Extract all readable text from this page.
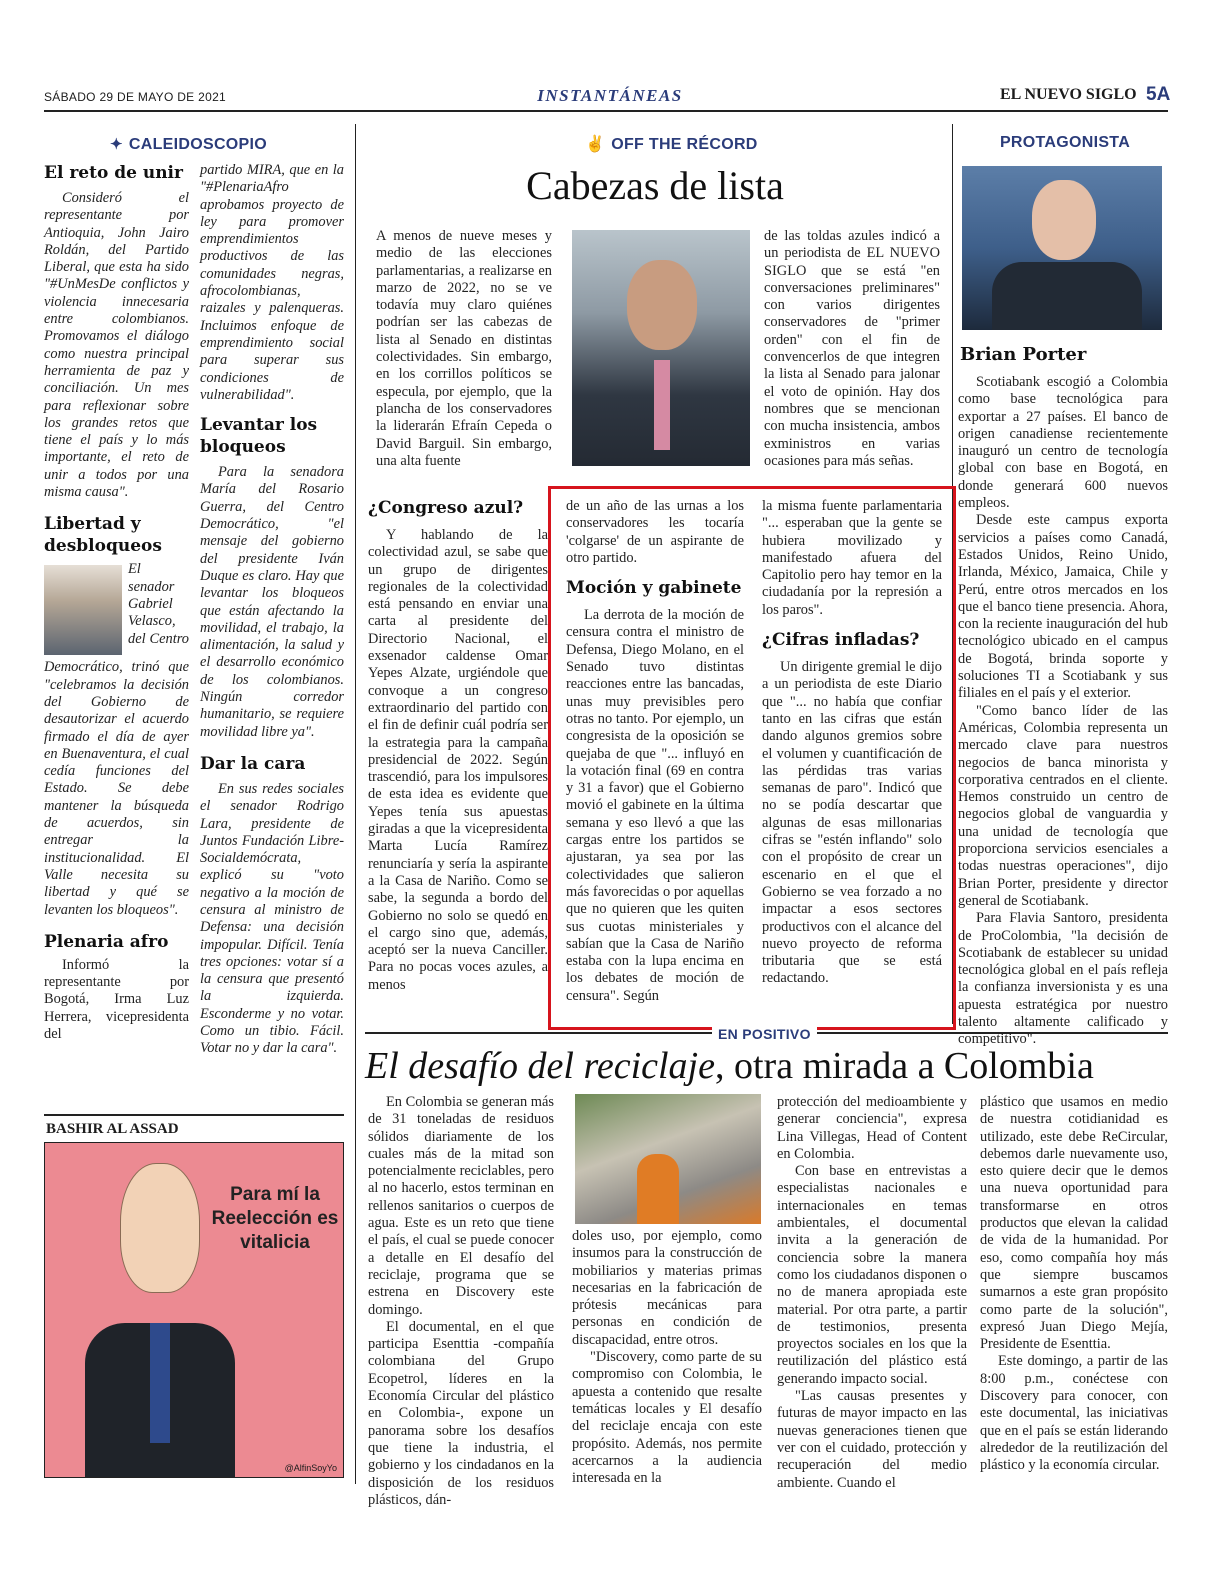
SÁBADO 29 DE MAYO DE 2021	INSTANTÁNEAS	EL NUEVO SIGLO 5A
✦ CALEIDOSCOPIO
El reto de unir
Consideró el representante por Antioquia, John Jairo Roldán, del Partido Liberal, que esta ha sido "#UnMesDe conflictos y violencia innecesaria entre colombianos. Promovamos el diálogo como nuestra principal herramienta de paz y conciliación. Un mes para reflexionar sobre los grandes retos que tiene el país y lo más importante, el reto de unir a todos por una misma causa".
Libertad y desbloqueos
El senador Gabriel Velasco, del Centro Democrático, trinó que "celebramos la decisión del Gobierno de desautorizar el acuerdo firmado el día de ayer en Buenaventura, el cual cedía funciones del Estado. Se debe mantener la búsqueda de acuerdos, sin entregar la institucionalidad. El Valle necesita su libertad y qué se levanten los bloqueos".
Plenaria afro
Informó la representante por Bogotá, Irma Luz Herrera, vicepresidenta del
partido MIRA, que en la "#PlenariaAfro aprobamos proyecto de ley para promover emprendimientos productivos de las comunidades negras, afrocolombianas, raizales y palenqueras. Incluimos enfoque de emprendimiento social para superar sus condiciones de vulnerabilidad".
Levantar los bloqueos
Para la senadora María del Rosario Guerra, del Centro Democrático, "el mensaje del gobierno del presidente Iván Duque es claro. Hay que levantar los bloqueos que están afectando la movilidad, el trabajo, la alimentación, la salud y el desarrollo económico de los colombianos. Ningún corredor humanitario, se requiere movilidad libre ya".
Dar la cara
En sus redes sociales el senador Rodrigo Lara, presidente de Juntos Fundación Libre-Socialdemócrata, explicó su "voto negativo a la moción de censura al ministro de Defensa: una decisión impopular. Difícil. Tenía tres opciones: votar sí a la censura que presentó la izquierda. Esconderme y no votar. Como un tibio. Fácil. Votar no y dar la cara".
BASHIR AL ASSAD
Para mí la Reelección es vitalicia
@AlfinSoyYo
✌ OFF THE RÉCORD
Cabezas de lista
A menos de nueve meses y medio de las elecciones parlamentarias, a realizarse en marzo de 2022, no se ve todavía muy claro quiénes podrían ser las cabezas de lista al Senado en distintas colectividades. Sin embargo, en los corrillos políticos se especula, por ejemplo, que la plancha de los conservadores la liderarán Efraín Cepeda o David Barguil. Sin embargo, una alta fuente
de las toldas azules indicó a un periodista de EL NUEVO SIGLO que se está "en conversaciones preliminares" con varios dirigentes conservadores de "primer orden" con el fin de convencerlos de que integren la lista al Senado para jalonar el voto de opinión. Hay dos nombres que se mencionan con mucha insistencia, ambos exministros en varias ocasiones para más señas.
¿Congreso azul?
Y hablando de la colectividad azul, se sabe que un grupo de dirigentes regionales de la colectividad está pensando en enviar una carta al presidente del Directorio Nacional, el exsenador caldense Omar Yepes Alzate, urgiéndole que convoque a un congreso extraordinario del partido con el fin de definir cuál podría ser la estrategia para la campaña presidencial de 2022. Según trascendió, para los impulsores de esta idea es evidente que Yepes tenía sus apuestas giradas a que la vicepresidenta Marta Lucía Ramírez renunciaría y sería la aspirante a la Casa de Nariño. Como se sabe, la segunda a bordo del Gobierno no solo se quedó en el cargo sino que, además, aceptó ser la nueva Canciller. Para no pocas voces azules, a menos
de un año de las urnas a los conservadores les tocaría 'colgarse' de un aspirante de otro partido.
Moción y gabinete
La derrota de la moción de censura contra el ministro de Defensa, Diego Molano, en el Senado tuvo distintas reacciones entre las bancadas, unas muy previsibles pero otras no tanto. Por ejemplo, un congresista de la oposición se quejaba de que "... influyó en la votación final (69 en contra y 31 a favor) que el Gobierno movió el gabinete en la última semana y eso llevó a que las cargas entre los partidos se ajustaran, ya sea por las colectividades que salieron más favorecidas o por aquellas que no quieren que les quiten sus cuotas ministeriales y sabían que la Casa de Nariño estaba con la lupa encima en los debates de moción de censura". Según
la misma fuente parlamentaria "... esperaban que la gente se hubiera movilizado y manifestado afuera del Capitolio pero hay temor en la ciudadanía por la represión a los paros".
¿Cifras infladas?
Un dirigente gremial le dijo a un periodista de este Diario que "... no había que confiar tanto en las cifras que están dando algunos gremios sobre el volumen y cuantificación de las pérdidas tras varias semanas de paro". Indicó que no se podía descartar que algunas de esas millonarias cifras se "estén inflando" solo con el propósito de crear un escenario en el que el Gobierno se vea forzado a no impactar a esos sectores productivos con el alcance del nuevo proyecto de reforma tributaria que se está redactando.
PROTAGONISTA
Brian Porter
Scotiabank escogió a Colombia como base tecnológica para exportar a 27 países. El banco de origen canadiense recientemente inauguró un centro de tecnología global con base en Bogotá, en donde generará 600 nuevos empleos.
Desde este campus exporta servicios a países como Canadá, Estados Unidos, Reino Unido, Irlanda, México, Jamaica, Chile y Perú, entre otros mercados en los que el banco tiene presencia. Ahora, con la reciente inauguración del hub tecnológico ubicado en el campus de Bogotá, brinda soporte y soluciones TI a Scotiabank y sus filiales en el país y el exterior.
"Como banco líder de las Américas, Colombia representa un mercado clave para nuestros negocios de banca minorista y corporativa centrados en el cliente. Hemos construido un centro de negocios global de vanguardia y una unidad de tecnología que proporciona servicios esenciales a todas nuestras operaciones", dijo Brian Porter, presidente y director general de Scotiabank.
Para Flavia Santoro, presidenta de ProColombia, "la decisión de Scotiabank de establecer su unidad tecnológica global en el país refleja la confianza inversionista y es una apuesta estratégica por nuestro talento altamente calificado y competitivo".
EN POSITIVO
El desafío del reciclaje, otra mirada a Colombia
En Colombia se generan más de 31 toneladas de residuos sólidos diariamente de los cuales más de la mitad son potencialmente reciclables, pero al no hacerlo, estos terminan en rellenos sanitarios o cuerpos de agua. Este es un reto que tiene el país, el cual se puede conocer a detalle en El desafío del reciclaje, programa que se estrena en Discovery este domingo.
El documental, en el que participa Esenttia -compañía colombiana del Grupo Ecopetrol, líderes en la Economía Circular del plástico en Colombia-, expone un panorama sobre los desafíos que tiene la industria, el gobierno y los cindadanos en la disposición de los residuos plásticos, dán-
doles uso, por ejemplo, como insumos para la construcción de mobiliarios y materias primas necesarias en la fabricación de prótesis mecánicas para personas en condición de discapacidad, entre otros.
"Discovery, como parte de su compromiso con Colombia, le apuesta a contenido que resalte temáticas locales y El desafío del reciclaje encaja con este propósito. Además, nos permite acercarnos a la audiencia interesada en la
protección del medioambiente y generar conciencia", expresa Lina Villegas, Head of Content en Colombia.
Con base en entrevistas a especialistas nacionales e internacionales en temas ambientales, el documental invita a la generación de conciencia sobre la manera como los ciudadanos disponen o no de manera apropiada este material. Por otra parte, a partir de testimonios, presenta proyectos sociales en los que la reutilización del plástico está generando impacto social.
"Las causas presentes y futuras de mayor impacto en las nuevas generaciones tienen que ver con el cuidado, protección y recuperación del medio ambiente. Cuando el
plástico que usamos en medio de nuestra cotidianidad es utilizado, este debe ReCircular, debemos darle nuevamente uso, esto quiere decir que le demos una nueva oportunidad para transformarse en otros productos que elevan la calidad de vida de la humanidad. Por eso, como compañía hoy más que siempre buscamos sumarnos a este gran propósito como parte de la solución", expresó Juan Diego Mejía, Presidente de Esenttia.
Este domingo, a partir de las 8:00 p.m., conéctese con Discovery para conocer, con este documental, las iniciativas que en el país se están liderando alrededor de la reutilización del plástico y la economía circular.
